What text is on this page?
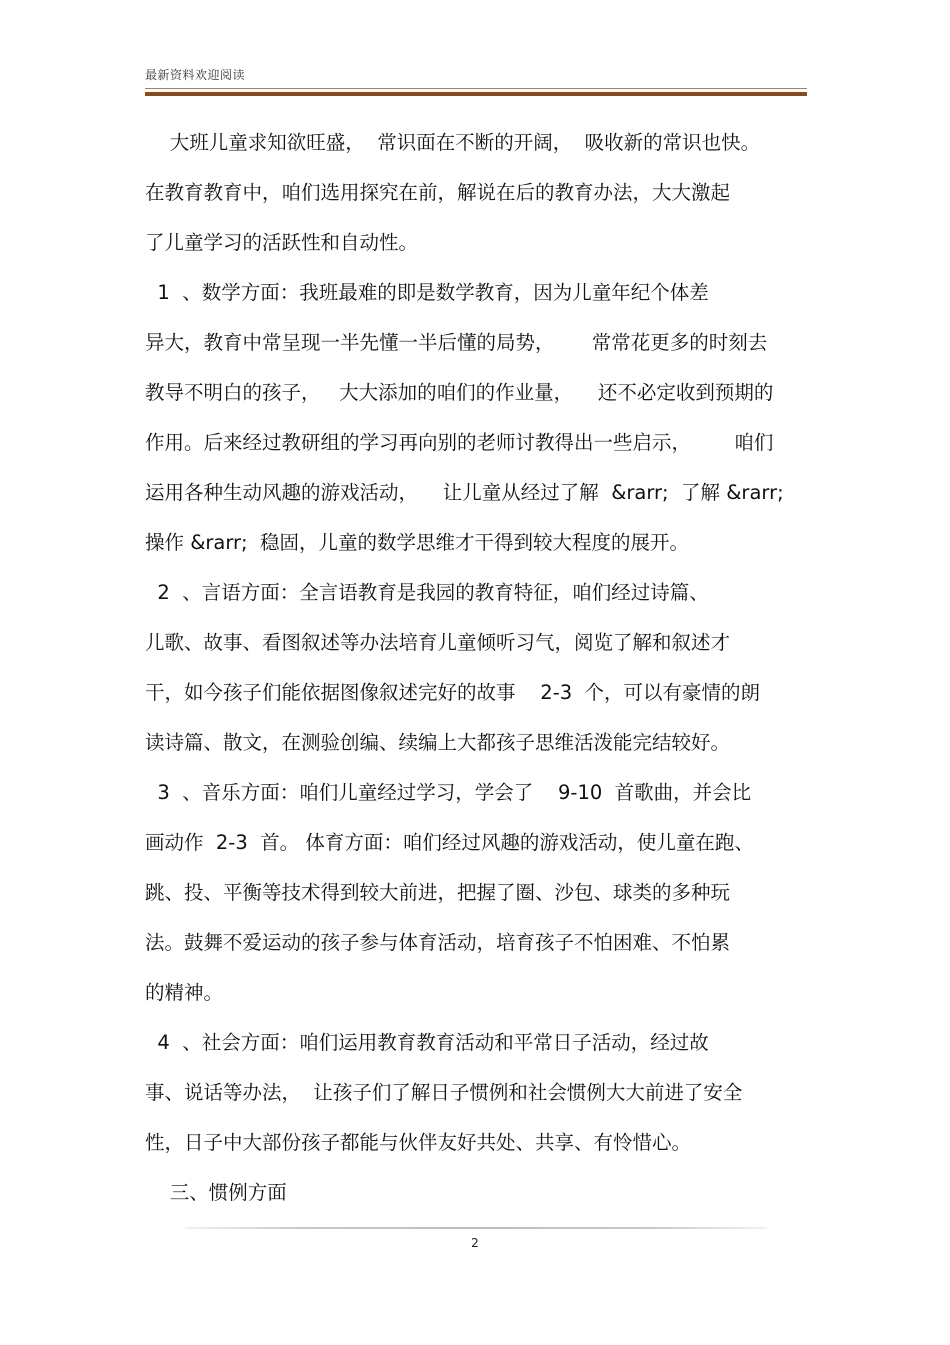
最新资料欢迎阅读
大班儿童求知欲旺盛，  常识面在不断的开阔，  吸收新的常识也快。
在教育教育中，咱们选用探究在前，解说在后的教育办法，大大激起
了儿童学习的活跃性和自动性。
1  、数学方面：我班最难的即是数学教育，因为儿童年纪个体差
异大，教育中常呈现一半先懂一半后懂的局势，      常常花更多的时刻去
教导不明白的孩子，   大大添加的咱们的作业量，    还不必定收到预期的
作用。后来经过教研组的学习再向别的老师讨教得出一些启示，       咱们
运用各种生动风趣的游戏活动，    让儿童从经过了解  &rarr;  了解 &rarr;
操作 &rarr;  稳固，儿童的数学思维才干得到较大程度的展开。
2  、言语方面：全言语教育是我园的教育特征，咱们经过诗篇、
儿歌、故事、看图叙述等办法培育儿童倾听习气，阅览了解和叙述才
干，如今孩子们能依据图像叙述完好的故事    2-3  个，可以有豪情的朗
读诗篇、散文，在测验创编、续编上大都孩子思维活泼能完结较好。
3  、音乐方面：咱们儿童经过学习，学会了    9-10  首歌曲，并会比
画动作  2-3  首。 体育方面：咱们经过风趣的游戏活动，使儿童在跑、
跳、投、平衡等技术得到较大前进，把握了圈、沙包、球类的多种玩
法。鼓舞不爱运动的孩子参与体育活动，培育孩子不怕困难、不怕累
的精神。
4  、社会方面：咱们运用教育教育活动和平常日子活动，经过故
事、说话等办法，  让孩子们了解日子惯例和社会惯例大大前进了安全
性，日子中大部份孩子都能与伙伴友好共处、共享、有怜惜心。
三、惯例方面
2
